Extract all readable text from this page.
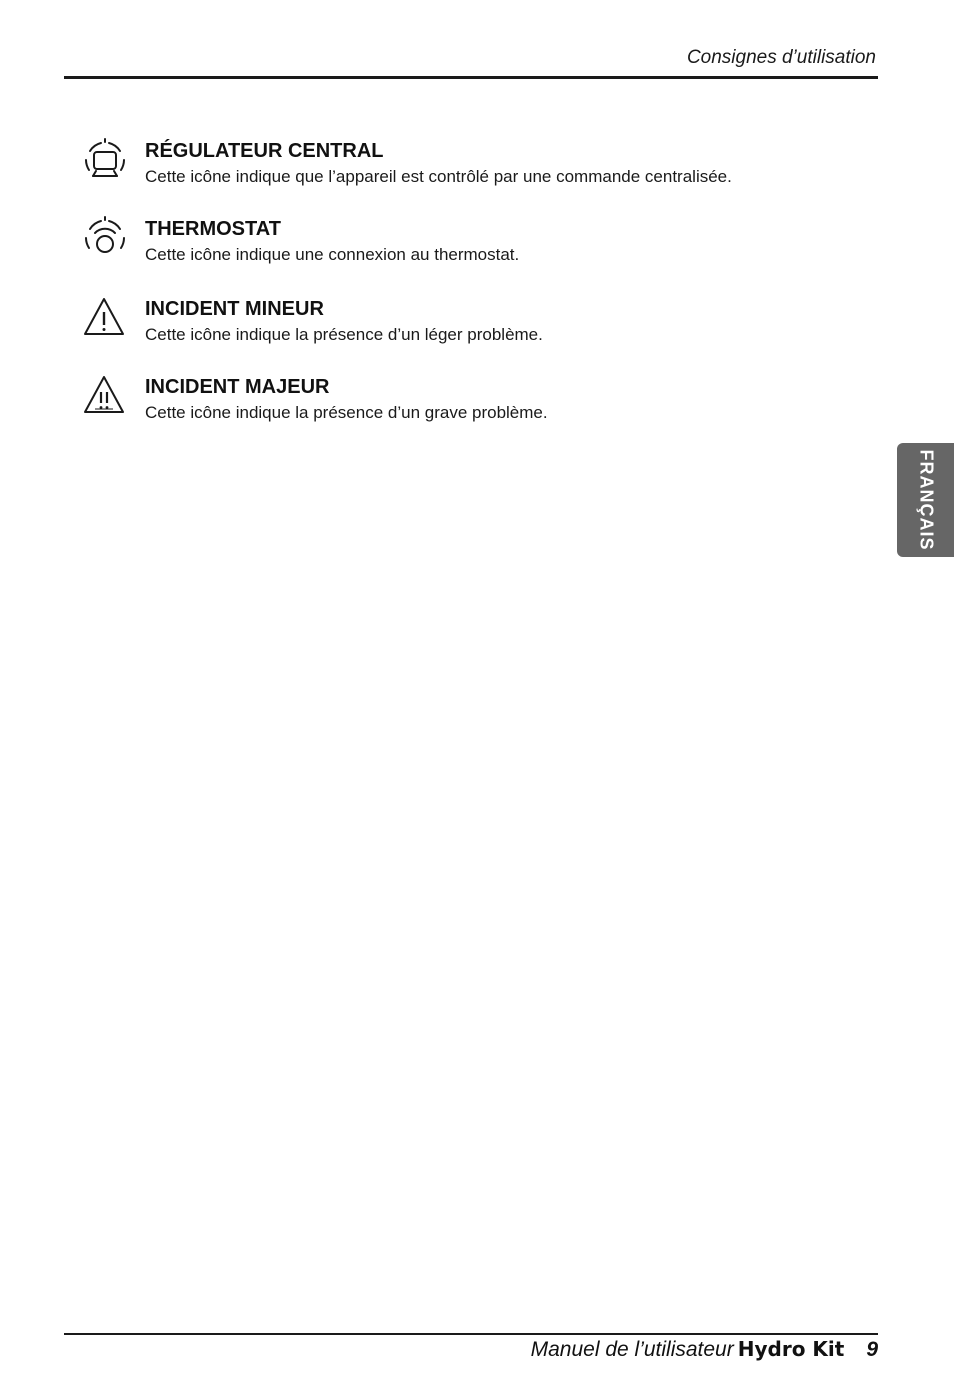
Consignes d’utilisation
RÉGULATEUR CENTRAL
Cette icône indique que l’appareil est contrôlé par une commande centralisée.
THERMOSTAT
Cette icône indique une connexion au thermostat.
INCIDENT MINEUR
Cette icône indique la présence d’un léger problème.
INCIDENT MAJEUR
Cette icône indique la présence d’un grave problème.
FRANÇAIS
Manuel de l’utilisateur Hydro Kit 9
